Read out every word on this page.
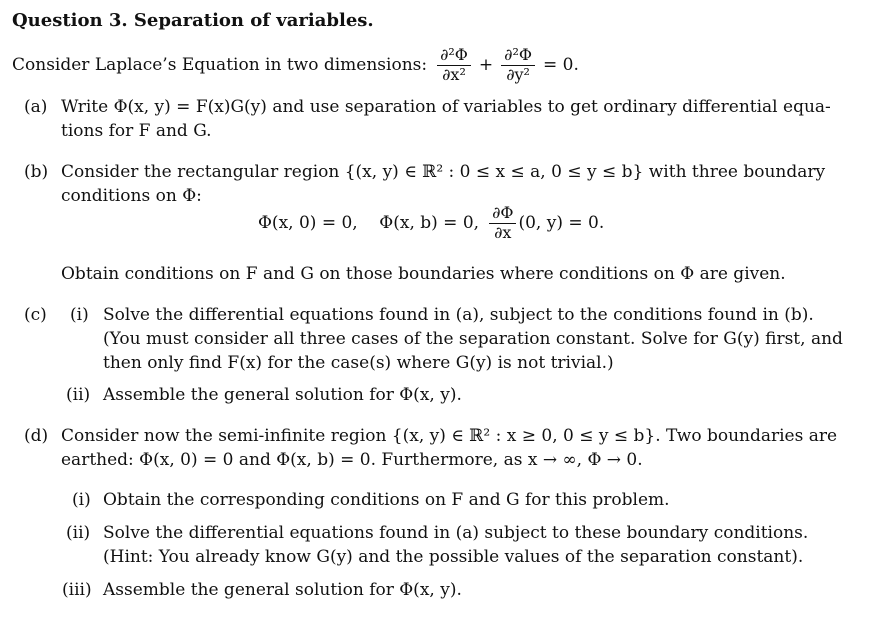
Question 3. Separation of variables.
Consider Laplace’s Equation in two dimensions: $\frac{\text{∂²Φ}}{\text{∂x²}} + \frac{\text{∂²Φ}}{\text{∂y²}} = 0$.
(a) Write Φ(x, y) = F(x)G(y) and use separation of variables to get ordinary differential equa-
tions for F and G.
(b) Consider the rectangular region {(x, y) ∈ ℝ² : 0 ≤ x ≤ a, 0 ≤ y ≤ b} with three boundary
conditions on Φ:
Φ(x, 0) = 0,    Φ(x, b) = 0, $\frac{\partial\Phi}{\partial x} (0$, y) = 0.
Obtain conditions on F and G on those boundaries where conditions on Φ are given.
(c) (i) Solve the differential equations found in (a), subject to the conditions found in (b).
(You must consider all three cases of the separation constant. Solve for G(y) first, and
then only find F(x) for the case(s) where G(y) is not trivial.)
(ii) Assemble the general solution for Φ(x, y).
(d) Consider now the semi-infinite region {(x, y) ∈ ℝ² : x ≥ 0, 0 ≤ y ≤ b}. Two boundaries are
earthed: Φ(x, 0) = 0 and Φ(x, b) = 0. Furthermore, as x → ∞, Φ → 0.
(i) Obtain the corresponding conditions on F and G for this problem.
(ii) Solve the differential equations found in (a) subject to these boundary conditions.
(Hint: You already know G(y) and the possible values of the separation constant).
(iii) Assemble the general solution for Φ(x, y).
